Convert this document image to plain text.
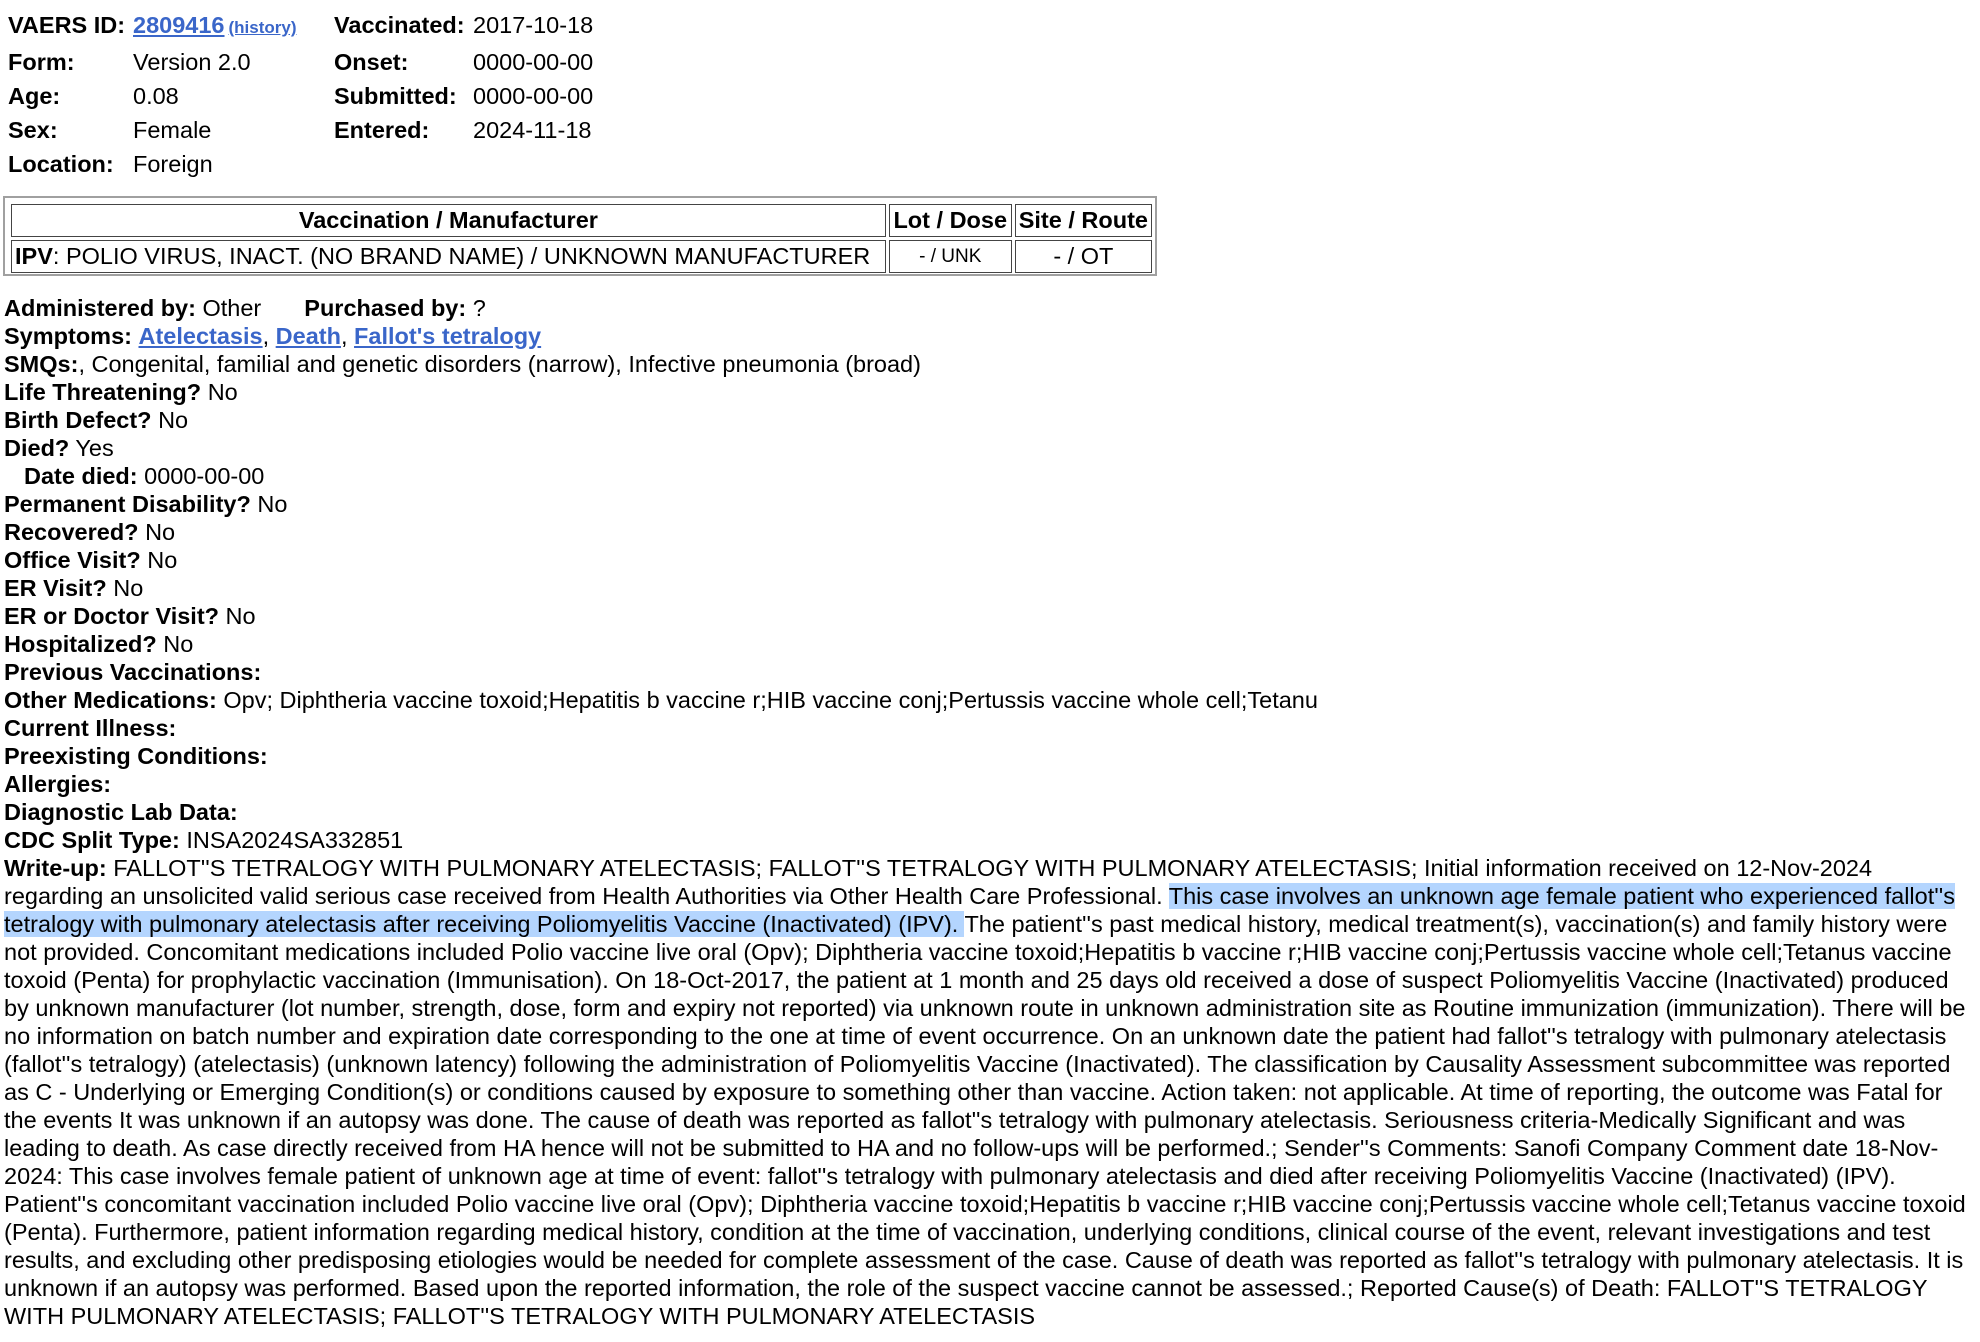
VAERS ID:	2809416 (history)	Vaccinated:	2017-10-18
Form:	Version 2.0	Onset:	0000-00-00
Age:	0.08	Submitted:	0000-00-00
Sex:	Female	Entered:	2024-11-18
Location:	Foreign		
Vaccination / Manufacturer	Lot / Dose	Site / Route
IPV: POLIO VIRUS, INACT. (NO BRAND NAME) / UNKNOWN MANUFACTURER	- / UNK	- / OT
Administered by: Other Purchased by: ?
Symptoms: Atelectasis, Death, Fallot's tetralogy
SMQs:, Congenital, familial and genetic disorders (narrow), Infective pneumonia (broad)
Life Threatening? No
Birth Defect? No
Died? Yes
Date died: 0000-00-00
Permanent Disability? No
Recovered? No
Office Visit? No
ER Visit? No
ER or Doctor Visit? No
Hospitalized? No
Previous Vaccinations:
Other Medications: Opv; Diphtheria vaccine toxoid;Hepatitis b vaccine r;HIB vaccine conj;Pertussis vaccine whole cell;Tetanu
Current Illness:
Preexisting Conditions:
Allergies:
Diagnostic Lab Data:
CDC Split Type: INSA2024SA332851
Write-up: FALLOT''S TETRALOGY WITH PULMONARY ATELECTASIS; FALLOT''S TETRALOGY WITH PULMONARY ATELECTASIS; Initial information received on 12-Nov-2024 regarding an unsolicited valid serious case received from Health Authorities via Other Health Care Professional. This case involves an unknown age female patient who experienced fallot''s tetralogy with pulmonary atelectasis after receiving Poliomyelitis Vaccine (Inactivated) (IPV). The patient''s past medical history, medical treatment(s), vaccination(s) and family history were not provided. Concomitant medications included Polio vaccine live oral (Opv); Diphtheria vaccine toxoid;Hepatitis b vaccine r;HIB vaccine conj;Pertussis vaccine whole cell;Tetanus vaccine toxoid (Penta) for prophylactic vaccination (Immunisation). On 18-Oct-2017, the patient at 1 month and 25 days old received a dose of suspect Poliomyelitis Vaccine (Inactivated) produced by unknown manufacturer (lot number, strength, dose, form and expiry not reported) via unknown route in unknown administration site as Routine immunization (immunization). There will be no information on batch number and expiration date corresponding to the one at time of event occurrence. On an unknown date the patient had fallot''s tetralogy with pulmonary atelectasis (fallot''s tetralogy) (atelectasis) (unknown latency) following the administration of Poliomyelitis Vaccine (Inactivated). The classification by Causality Assessment subcommittee was reported as C - Underlying or Emerging Condition(s) or conditions caused by exposure to something other than vaccine. Action taken: not applicable. At time of reporting, the outcome was Fatal for the events It was unknown if an autopsy was done. The cause of death was reported as fallot''s tetralogy with pulmonary atelectasis. Seriousness criteria-Medically Significant and was leading to death. As case directly received from HA hence will not be submitted to HA and no follow-ups will be performed.; Sender''s Comments: Sanofi Company Comment date 18-Nov-2024: This case involves female patient of unknown age at time of event: fallot''s tetralogy with pulmonary atelectasis and died after receiving Poliomyelitis Vaccine (Inactivated) (IPV). Patient''s concomitant vaccination included Polio vaccine live oral (Opv); Diphtheria vaccine toxoid;Hepatitis b vaccine r;HIB vaccine conj;Pertussis vaccine whole cell;Tetanus vaccine toxoid (Penta). Furthermore, patient information regarding medical history, condition at the time of vaccination, underlying conditions, clinical course of the event, relevant investigations and test results, and excluding other predisposing etiologies would be needed for complete assessment of the case. Cause of death was reported as fallot''s tetralogy with pulmonary atelectasis. It is unknown if an autopsy was performed. Based upon the reported information, the role of the suspect vaccine cannot be assessed.; Reported Cause(s) of Death: FALLOT''S TETRALOGY WITH PULMONARY ATELECTASIS; FALLOT''S TETRALOGY WITH PULMONARY ATELECTASIS
